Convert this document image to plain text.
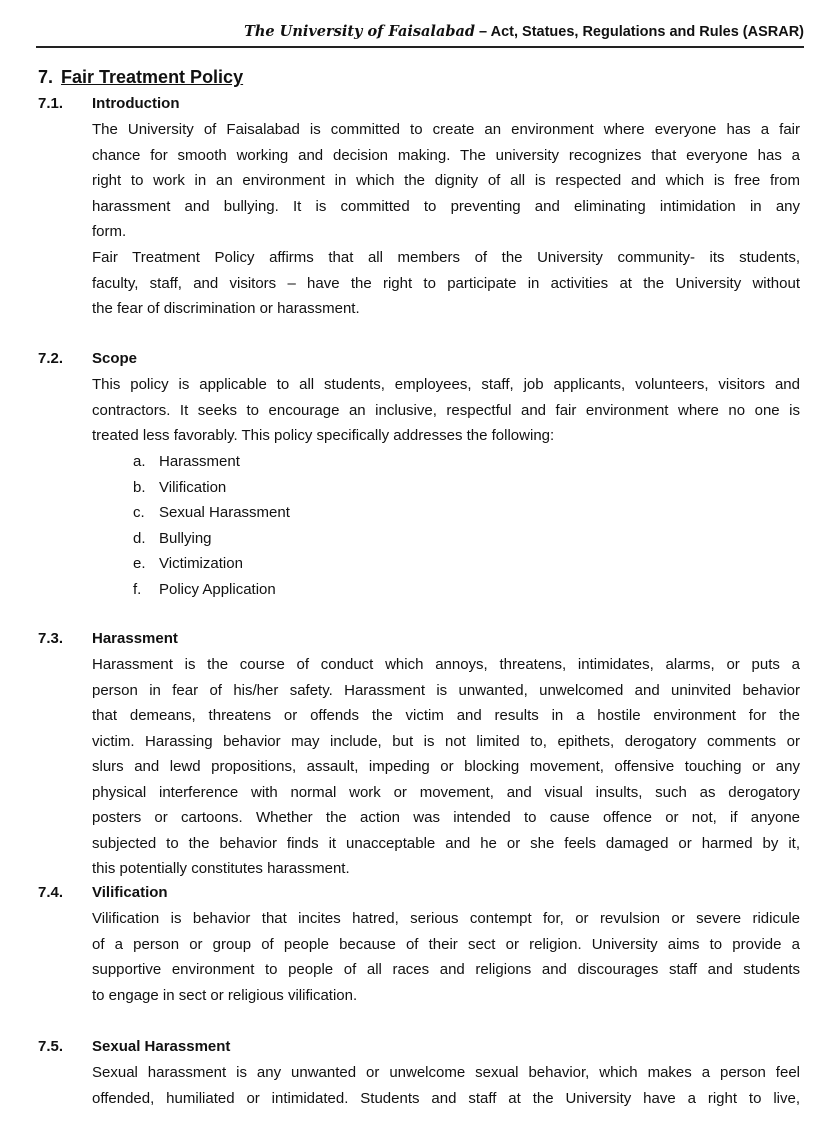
The University of Faisalabad – Act, Statues, Regulations and Rules (ASRAR)
7. Fair Treatment Policy
7.1. Introduction
The University of Faisalabad is committed to create an environment where everyone has a fair
chance for smooth working and decision making. The university recognizes that everyone has a
right to work in an environment in which the dignity of all is respected and which is free from
harassment and bullying. It is committed to preventing and eliminating intimidation in any
form.
Fair Treatment Policy affirms that all members of the University community- its students,
faculty, staff, and visitors – have the right to participate in activities at the University without
the fear of discrimination or harassment.
7.2. Scope
This policy is applicable to all students, employees, staff, job applicants, volunteers, visitors and
contractors. It seeks to encourage an inclusive, respectful and fair environment where no one is
treated less favorably. This policy specifically addresses the following:
a. Harassment
b. Vilification
c. Sexual Harassment
d. Bullying
e. Victimization
f. Policy Application
7.3. Harassment
Harassment is the course of conduct which annoys, threatens, intimidates, alarms, or puts a
person in fear of his/her safety. Harassment is unwanted, unwelcomed and uninvited behavior
that demeans, threatens or offends the victim and results in a hostile environment for the
victim. Harassing behavior may include, but is not limited to, epithets, derogatory comments or
slurs and lewd propositions, assault, impeding or blocking movement, offensive touching or any
physical interference with normal work or movement, and visual insults, such as derogatory
posters or cartoons. Whether the action was intended to cause offence or not, if anyone
subjected to the behavior finds it unacceptable and he or she feels damaged or harmed by it,
this potentially constitutes harassment.
7.4. Vilification
Vilification is behavior that incites hatred, serious contempt for, or revulsion or severe ridicule
of a person or group of people because of their sect or religion. University aims to provide a
supportive environment to people of all races and religions and discourages staff and students
to engage in sect or religious vilification.
7.5. Sexual Harassment
Sexual harassment is any unwanted or unwelcome sexual behavior, which makes a person feel
offended, humiliated or intimidated. Students and staff at the University have a right to live,
